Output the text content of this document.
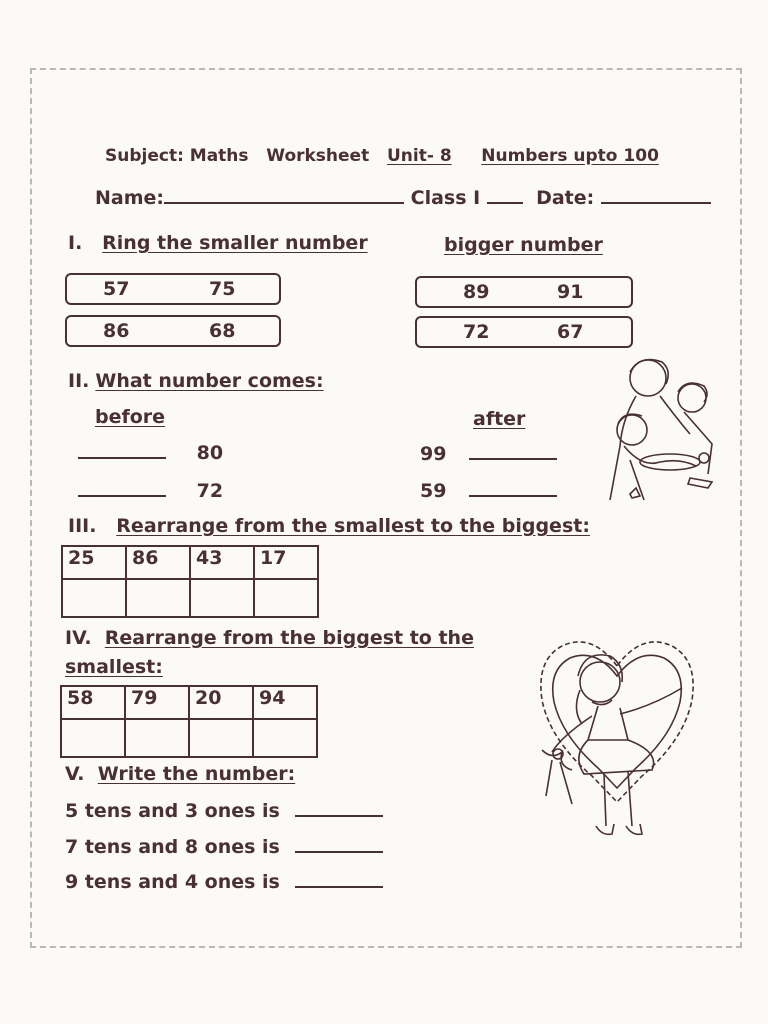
Subject: Maths Worksheet Unit- 8 Numbers upto 100
Name:	Class I	Date:
I. Ring the smaller number	bigger number
57	75
86	68
89	91
72	67
II. What number comes:
before	after
80
72
99
59
III. Rearrange from the smallest to the biggest:
25	86	43	17

IV. Rearrange from the biggest to the
smallest:
58	79	20	94

V. Write the number:
5 tens and 3 ones is
7 tens and 8 ones is
9 tens and 4 ones is
